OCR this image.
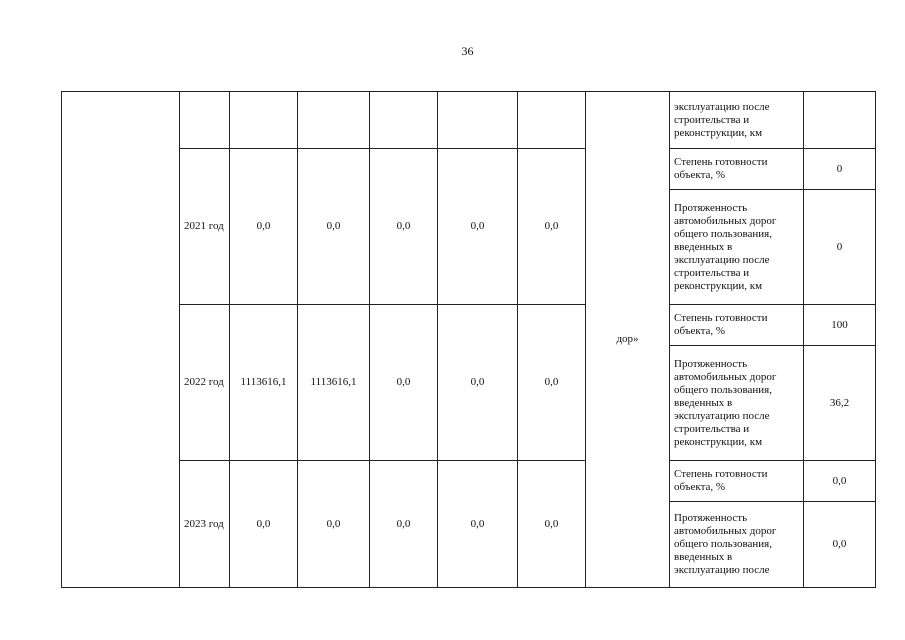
36
							дор»	эксплуатацию после строительства и реконструкции, км	
	2021 год	0,0	0,0	0,0	0,0	0,0		Степень готовности объекта, %	0
								Протяженность автомобильных дорог общего пользования, введенных в эксплуатацию после строительства и реконструкции, км	0
	2022 год	1113616,1	1113616,1	0,0	0,0	0,0		Степень готовности объекта, %	100
								Протяженность автомобильных дорог общего пользования, введенных в эксплуатацию после строительства и реконструкции, км	36,2
	2023 год	0,0	0,0	0,0	0,0	0,0		Степень готовности объекта, %	0,0
								Протяженность автомобильных дорог общего пользования, введенных в эксплуатацию после	0,0
